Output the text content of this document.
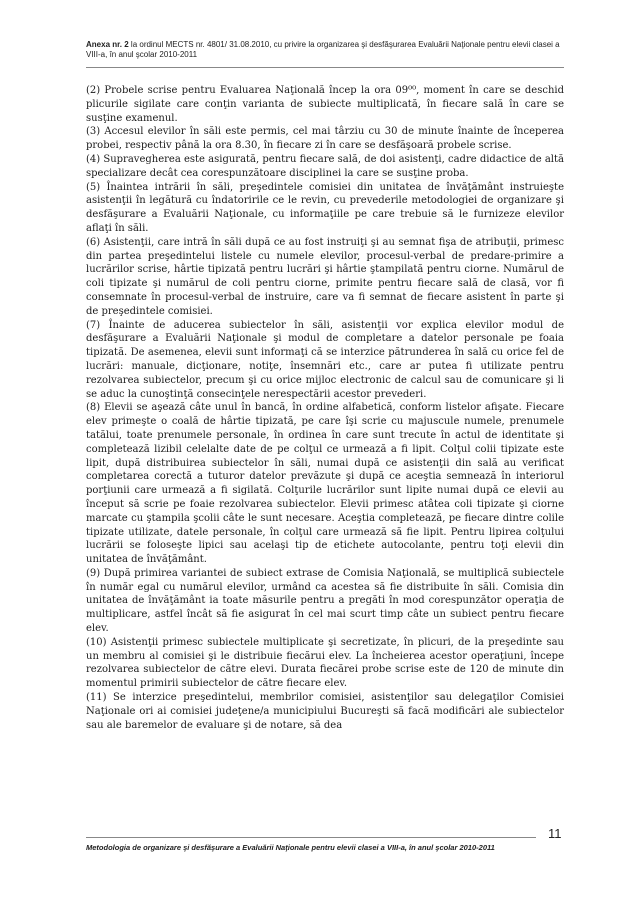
Anexa nr. 2 la ordinul MECTS nr. 4801/ 31.08.2010, cu privire la organizarea şi desfăşurarea Evaluării Naţionale pentru elevii clasei a VIII-a, în anul şcolar 2010-2011

(2) Probele scrise pentru Evaluarea Naţională încep la ora 09⁰⁰, moment în care se deschid plicurile sigilate care conţin varianta de subiecte multiplicată, în fiecare sală în care se susţine examenul.

(3) Accesul elevilor în săli este permis, cel mai târziu cu 30 de minute înainte de începerea probei, respectiv până la ora 8.30, în fiecare zi în care se desfăşoară probele scrise.

(4) Supravegherea este asigurată, pentru fiecare sală, de doi asistenţi, cadre didactice de altă specializare decât cea corespunzătoare disciplinei la care se susţine proba.

(5) Înaintea intrării în săli, preşedintele comisiei din unitatea de învăţământ instruieşte asistenţii în legătură cu îndatoririle ce le revin, cu prevederile metodologiei de organizare şi desfăşurare a Evaluării Naţionale, cu informaţiile pe care trebuie să le furnizeze elevilor aflaţi în săli.

(6) Asistenţii, care intră în săli după ce au fost instruiţi şi au semnat fişa de atribuţii, primesc din partea preşedintelui listele cu numele elevilor, procesul-verbal de predare-primire a lucrărilor scrise, hârtie tipizată pentru lucrări şi hârtie ştampilată pentru ciorne. Numărul de coli tipizate şi numărul de coli pentru ciorne, primite pentru fiecare sală de clasă, vor fi consemnate în procesul-verbal de instruire, care va fi semnat de fiecare asistent în parte şi de preşedintele comisiei.

(7) Înainte de aducerea subiectelor în săli, asistenţii vor explica elevilor modul de desfăşurare a Evaluării Naţionale şi modul de completare a datelor personale pe foaia tipizată. De asemenea, elevii sunt informaţi că se interzice pătrunderea în sală cu orice fel de lucrări: manuale, dicţionare, notiţe, însemnări etc., care ar putea fi utilizate pentru rezolvarea subiectelor, precum şi cu orice mijloc electronic de calcul sau de comunicare şi li se aduc la cunoştinţă consecinţele nerespectării acestor prevederi.

(8) Elevii se aşează câte unul în bancă, în ordine alfabetică, conform listelor afişate. Fiecare elev primeşte o coală de hârtie tipizată, pe care îşi scrie cu majuscule numele, prenumele tatălui, toate prenumele personale, în ordinea în care sunt trecute în actul de identitate şi completează lizibil celelalte date de pe colţul ce urmează a fi lipit. Colţul colii tipizate este lipit, după distribuirea subiectelor în săli, numai după ce asistenţii din sală au verificat completarea corectă a tuturor datelor prevăzute şi după ce aceştia semnează în interiorul porţiunii care urmează a fi sigilată. Colţurile lucrărilor sunt lipite numai după ce elevii au început să scrie pe foaie rezolvarea subiectelor. Elevii primesc atâtea coli tipizate şi ciorne marcate cu ştampila şcolii câte le sunt necesare. Aceştia completează, pe fiecare dintre colile tipizate utilizate, datele personale, în colţul care urmează să fie lipit. Pentru lipirea colţului lucrării se foloseşte lipici sau acelaşi tip de etichete autocolante, pentru toţi elevii din unitatea de învăţământ.

(9) După primirea variantei de subiect extrase de Comisia Naţională, se multiplică subiectele în număr egal cu numărul elevilor, urmând ca acestea să fie distribuite în săli. Comisia din unitatea de învăţământ ia toate măsurile pentru a pregăti în mod corespunzător operaţia de multiplicare, astfel încât să fie asigurat în cel mai scurt timp câte un subiect pentru fiecare elev.

(10) Asistenţii primesc subiectele multiplicate şi secretizate, în plicuri, de la preşedinte sau un membru al comisiei şi le distribuie fiecărui elev. La încheierea acestor operaţiuni, începe rezolvarea subiectelor de către elevi. Durata fiecărei probe scrise este de 120 de minute din momentul primirii subiectelor de către fiecare elev.

(11) Se interzice preşedintelui, membrilor comisiei, asistenţilor sau delegaţilor Comisiei Naţionale ori ai comisiei judeţene/a municipiului Bucureşti să facă modificări ale subiectelor sau ale baremelor de evaluare şi de notare, să dea

Metodologia de organizare şi desfăşurare a Evaluării Naţionale pentru elevii clasei a VIII-a, în anul şcolar 2010-2011
11
